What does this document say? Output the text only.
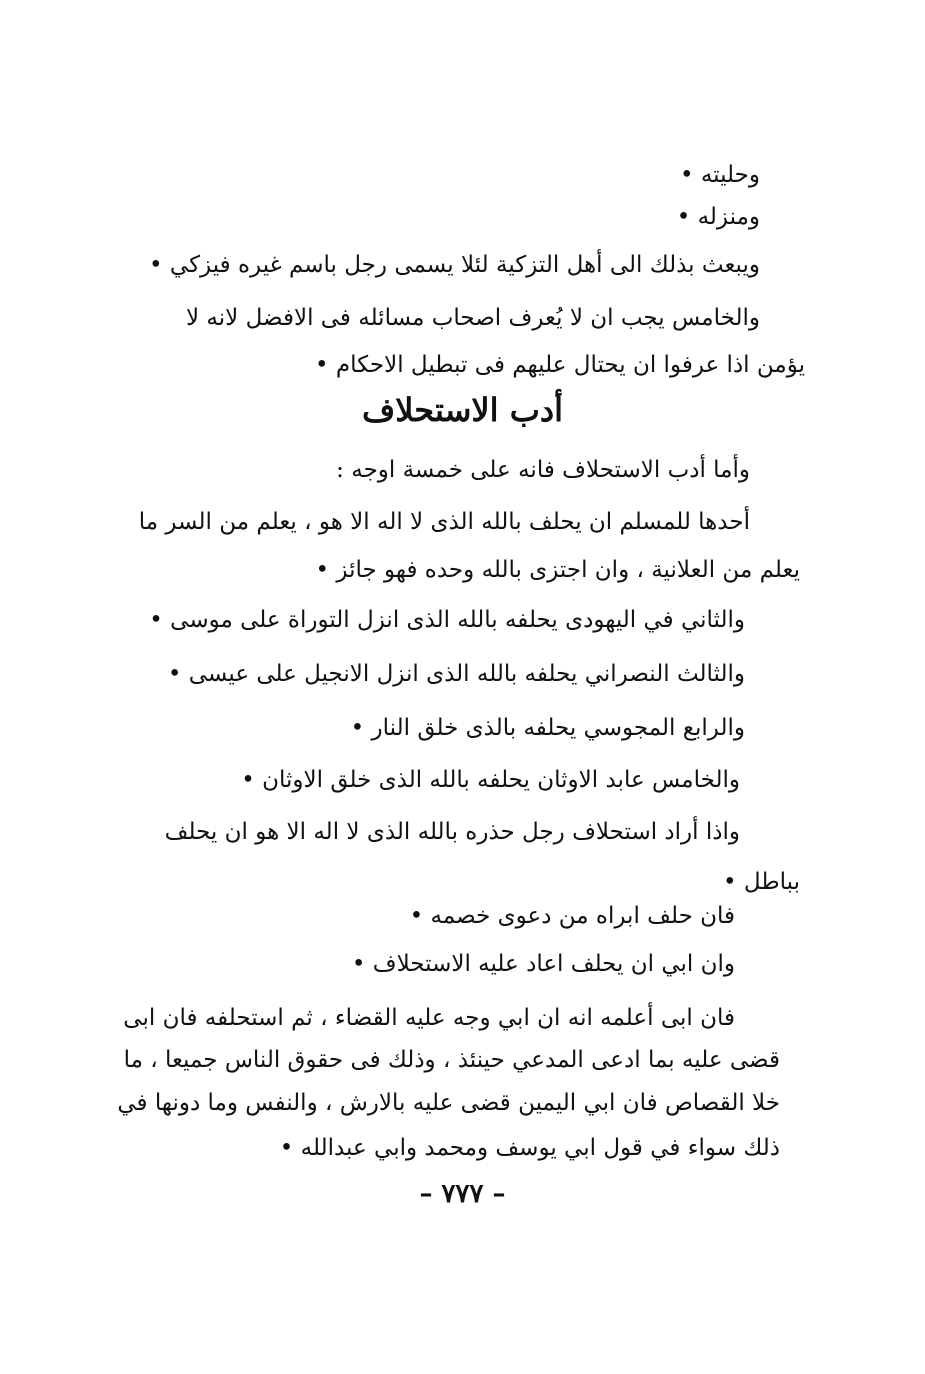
وحليته •
ومنزله •
ويبعث بذلك الى أهل التزكية لئلا يسمى رجل باسم غيره فيزكي •
والخامس يجب ان لا يُعرف اصحاب مسائله فى الافضل لانه لا
يؤمن اذا عرفوا ان يحتال عليهم فى تبطيل الاحكام •
أدب الاستحلاف
وأما أدب الاستحلاف فانه على خمسة اوجه :
أحدها للمسلم ان يحلف بالله الذى لا اله الا هو ، يعلم من السر ما
يعلم من العلانية ، وان اجتزى بالله وحده فهو جائز •
والثاني في اليهودى يحلفه بالله الذى انزل التوراة على موسى •
والثالث النصراني يحلفه بالله الذى انزل الانجيل على عيسى •
والرابع المجوسي يحلفه بالذى خلق النار •
والخامس عابد الاوثان يحلفه بالله الذى خلق الاوثان •
واذا أراد استحلاف رجل حذره بالله الذى لا اله الا هو ان يحلف
بباطل •
فان حلف ابراه من دعوى خصمه •
وان ابي ان يحلف اعاد عليه الاستحلاف •
فان ابى أعلمه انه ان ابي وجه عليه القضاء ، ثم استحلفه فان ابى
قضى عليه بما ادعى المدعي حينئذ ، وذلك فى حقوق الناس جميعا ، ما
خلا القصاص فان ابي اليمين قضى عليه بالارش ، والنفس وما دونها في
ذلك سواء في قول ابي يوسف ومحمد وابي عبدالله •
– ٧٧٧ –
